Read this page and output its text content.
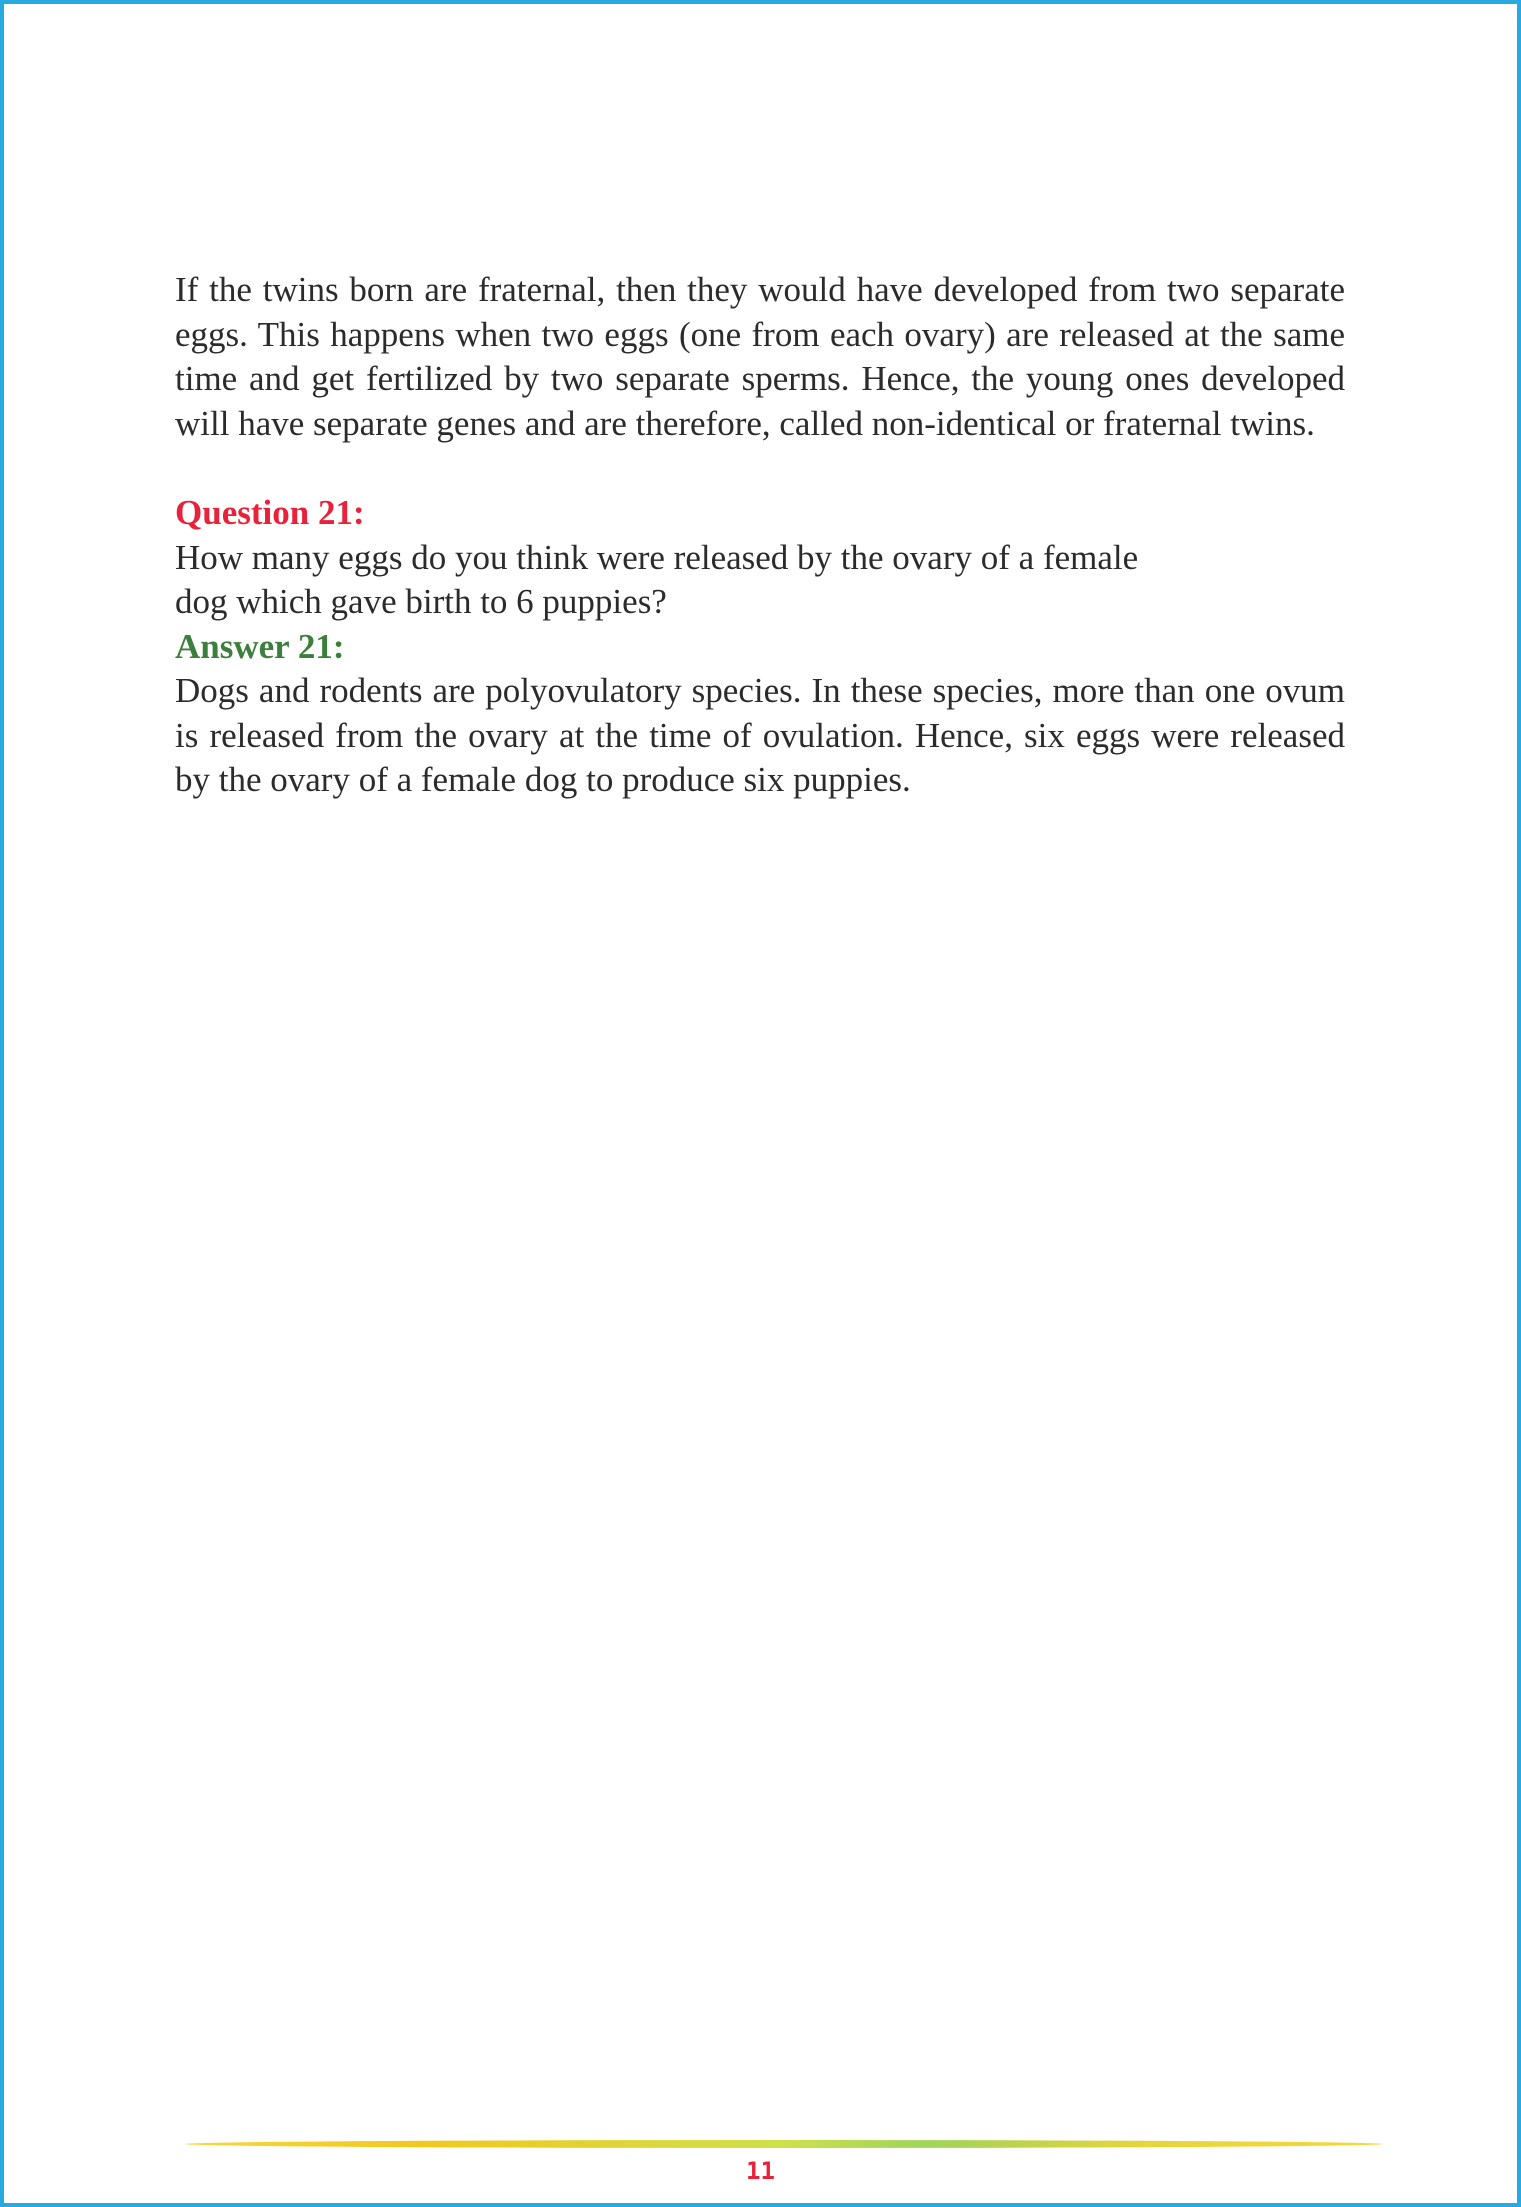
If the twins born are fraternal, then they would have developed from two separate eggs. This happens when two eggs (one from each ovary) are released at the same time and get fertilized by two separate sperms. Hence, the young ones developed will have separate genes and are therefore, called non-identical or fraternal twins.

Question 21:

How many eggs do you think were released by the ovary of a female
dog which gave birth to 6 puppies?

Answer 21:

Dogs and rodents are polyovulatory species. In these species, more than one ovum is released from the ovary at the time of ovulation. Hence, six eggs were released by the ovary of a female dog to produce six puppies.

11
